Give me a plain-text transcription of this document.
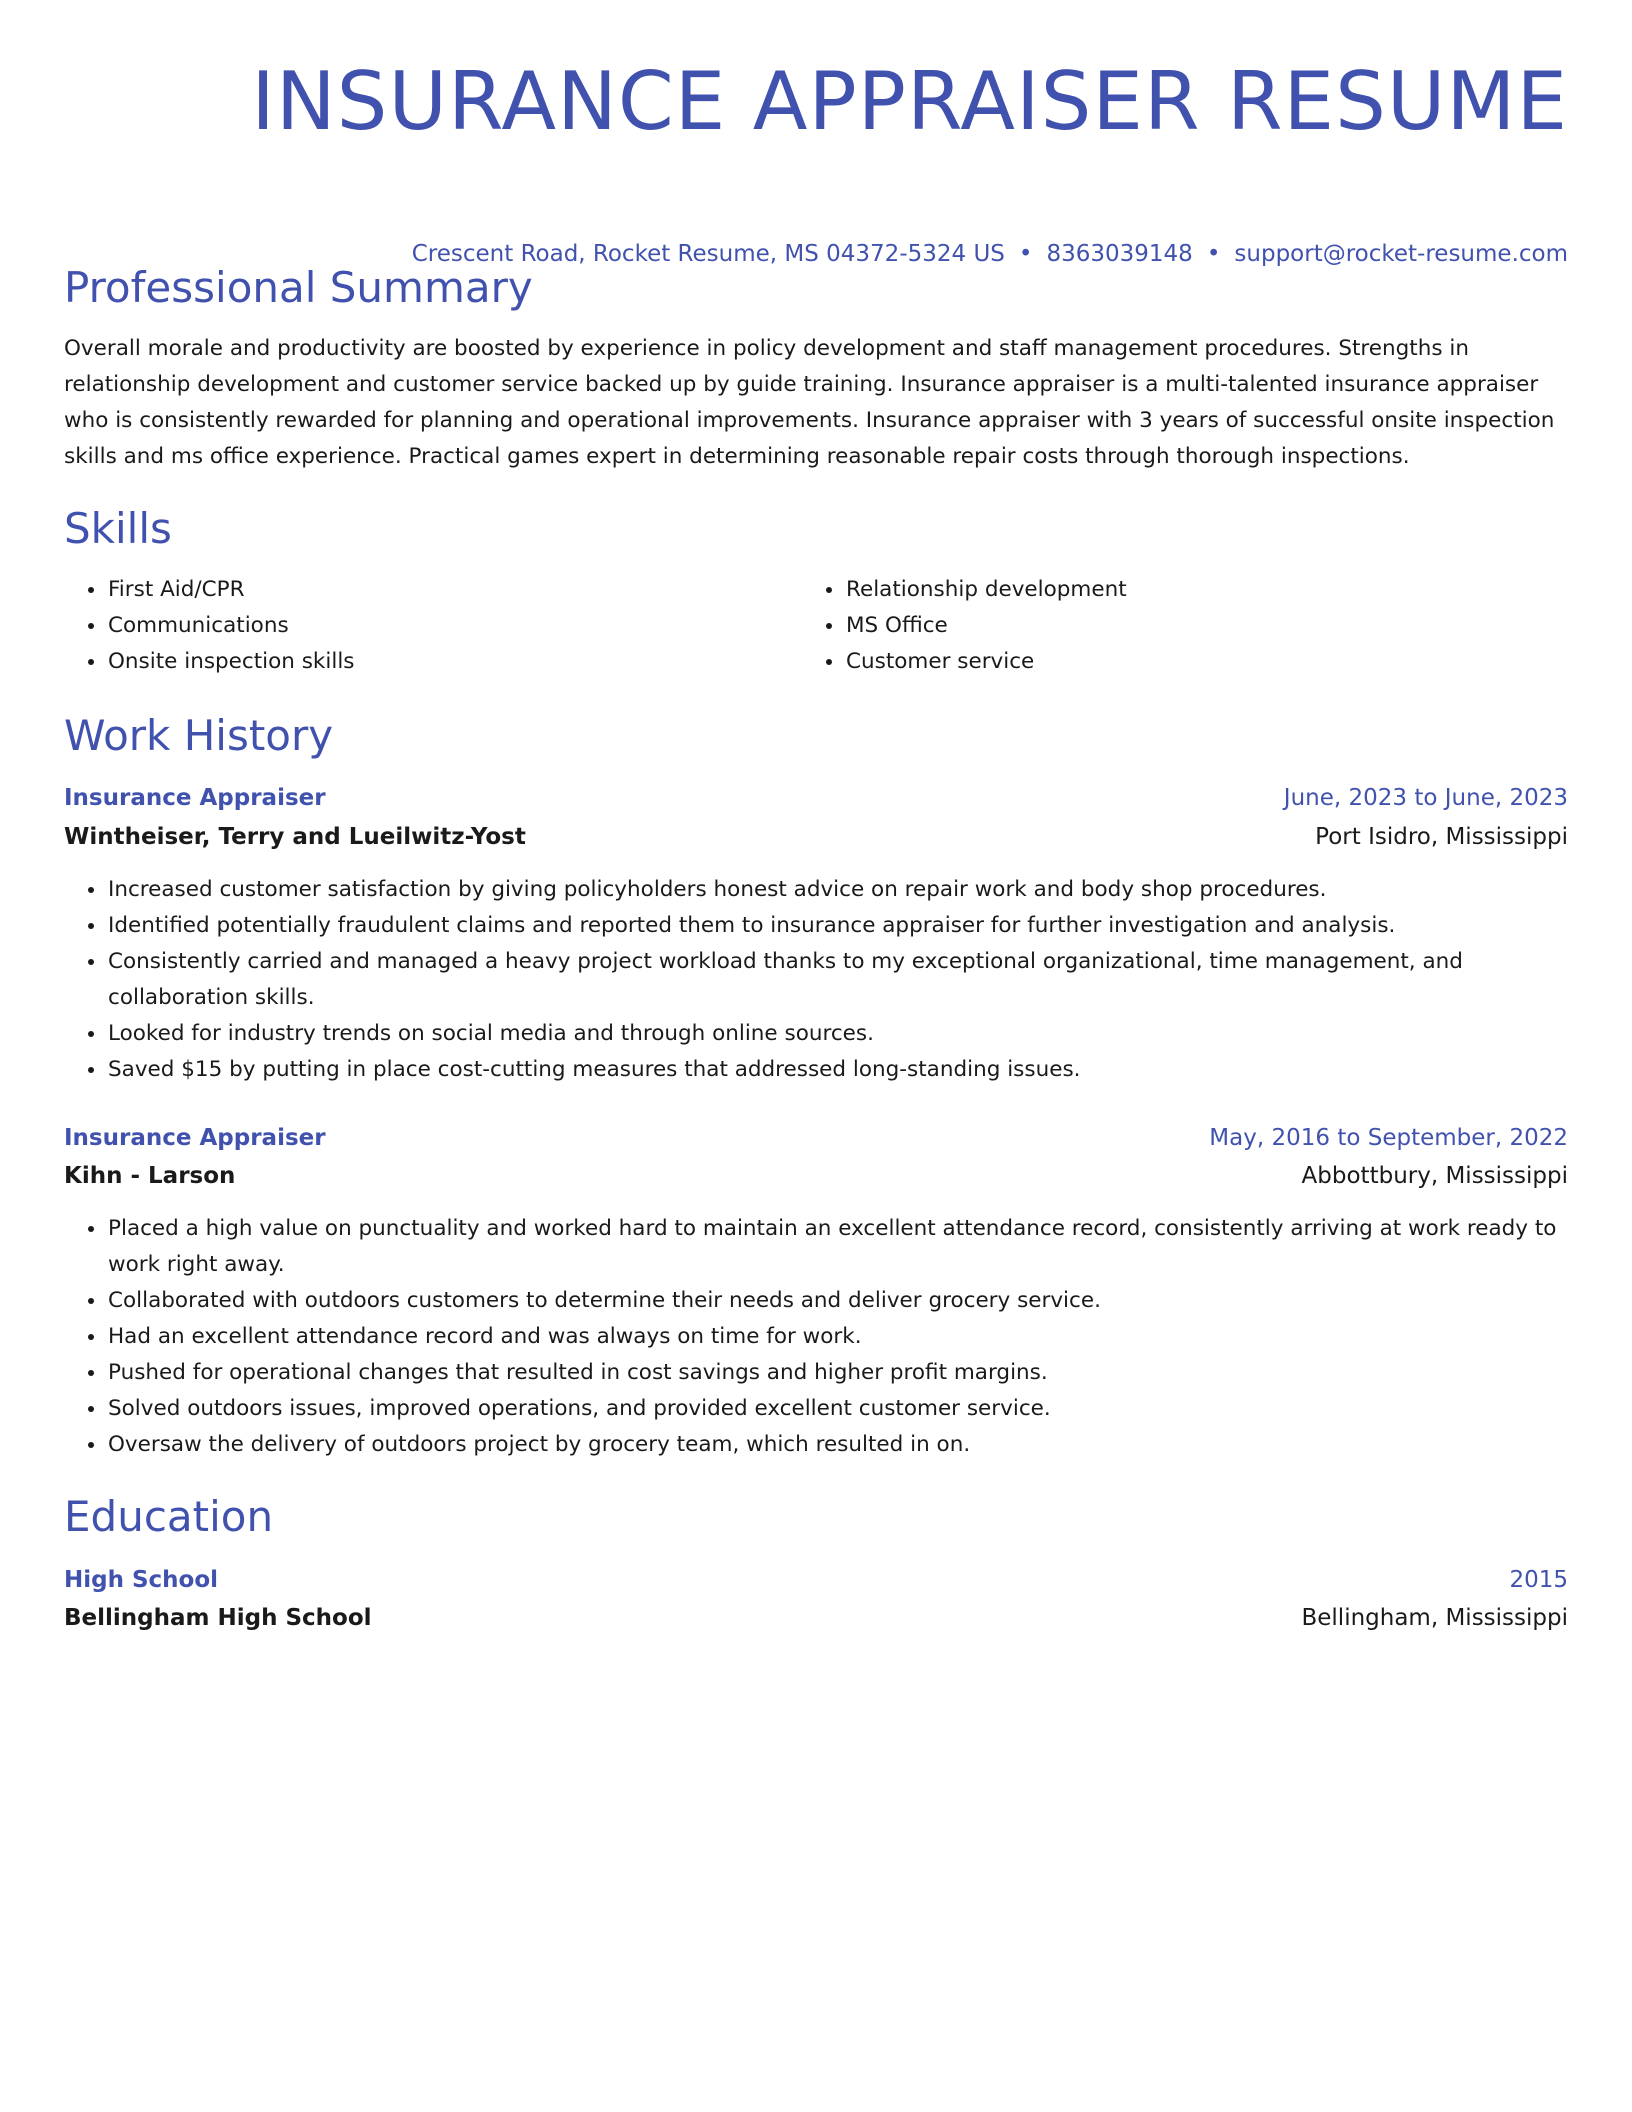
INSURANCE APPRAISER RESUME
Crescent Road, Rocket Resume, MS 04372-5324 US • 8363039148 • support@rocket-resume.com
Professional Summary

Overall morale and productivity are boosted by experience in policy development and staff management procedures. Strengths in relationship development and customer service backed up by guide training. Insurance appraiser is a multi-talented insurance appraiser who is consistently rewarded for planning and operational improvements. Insurance appraiser with 3 years of successful onsite inspection skills and ms office experience. Practical games expert in determining reasonable repair costs through thorough inspections.

Skills
• First Aid/CPR
• Communications
• Onsite inspection skills
• Relationship development
• MS Office
• Customer service
Work History
Insurance Appraiser	June, 2023 to June, 2023
Wintheiser, Terry and Lueilwitz-Yost	Port Isidro, Mississippi
• Increased customer satisfaction by giving policyholders honest advice on repair work and body shop procedures.
• Identified potentially fraudulent claims and reported them to insurance appraiser for further investigation and analysis.
• Consistently carried and managed a heavy project workload thanks to my exceptional organizational, time management, and collaboration skills.
• Looked for industry trends on social media and through online sources.
• Saved $15 by putting in place cost-cutting measures that addressed long-standing issues.
Insurance Appraiser	May, 2016 to September, 2022
Kihn - Larson	Abbottbury, Mississippi
• Placed a high value on punctuality and worked hard to maintain an excellent attendance record, consistently arriving at work ready to work right away.
• Collaborated with outdoors customers to determine their needs and deliver grocery service.
• Had an excellent attendance record and was always on time for work.
• Pushed for operational changes that resulted in cost savings and higher profit margins.
• Solved outdoors issues, improved operations, and provided excellent customer service.
• Oversaw the delivery of outdoors project by grocery team, which resulted in on.
Education
High School	2015
Bellingham High School	Bellingham, Mississippi
